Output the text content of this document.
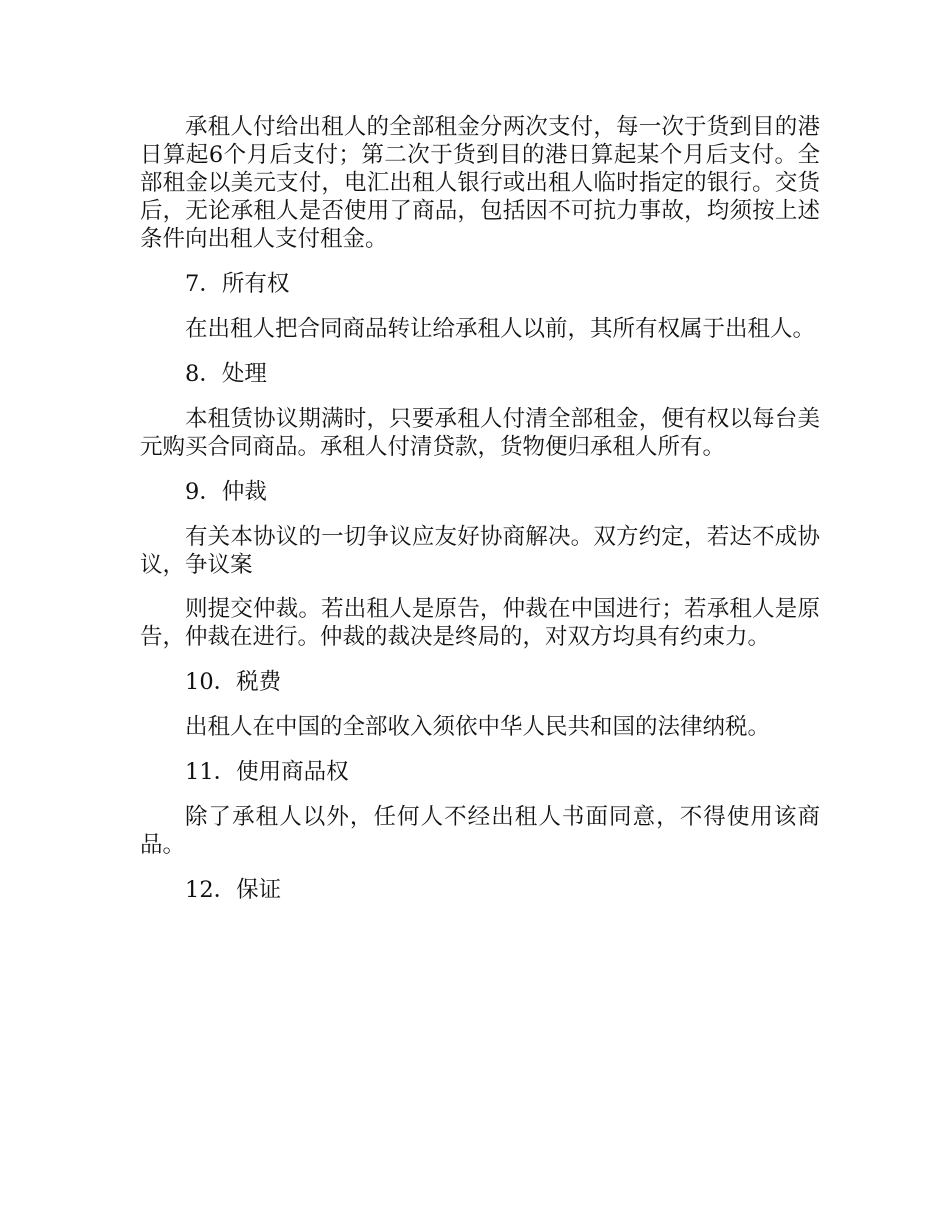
承租人付给出租人的全部租金分两次支付，每一次于货到目的港日算起6个月后支付；第二次于货到目的港日算起某个月后支付。全部租金以美元支付，电汇出租人银行或出租人临时指定的银行。交货后，无论承租人是否使用了商品，包括因不可抗力事故，均须按上述条件向出租人支付租金。

7．所有权

在出租人把合同商品转让给承租人以前，其所有权属于出租人。

8．处理

本租赁协议期满时，只要承租人付清全部租金，便有权以每台美元购买合同商品。承租人付清贷款，货物便归承租人所有。

9．仲裁

有关本协议的一切争议应友好协商解决。双方约定，若达不成协议，争议案

则提交仲裁。若出租人是原告，仲裁在中国进行；若承租人是原告，仲裁在进行。仲裁的裁决是终局的，对双方均具有约束力。

10．税费

出租人在中国的全部收入须依中华人民共和国的法律纳税。

11．使用商品权

除了承租人以外，任何人不经出租人书面同意，不得使用该商品。

12．保证
